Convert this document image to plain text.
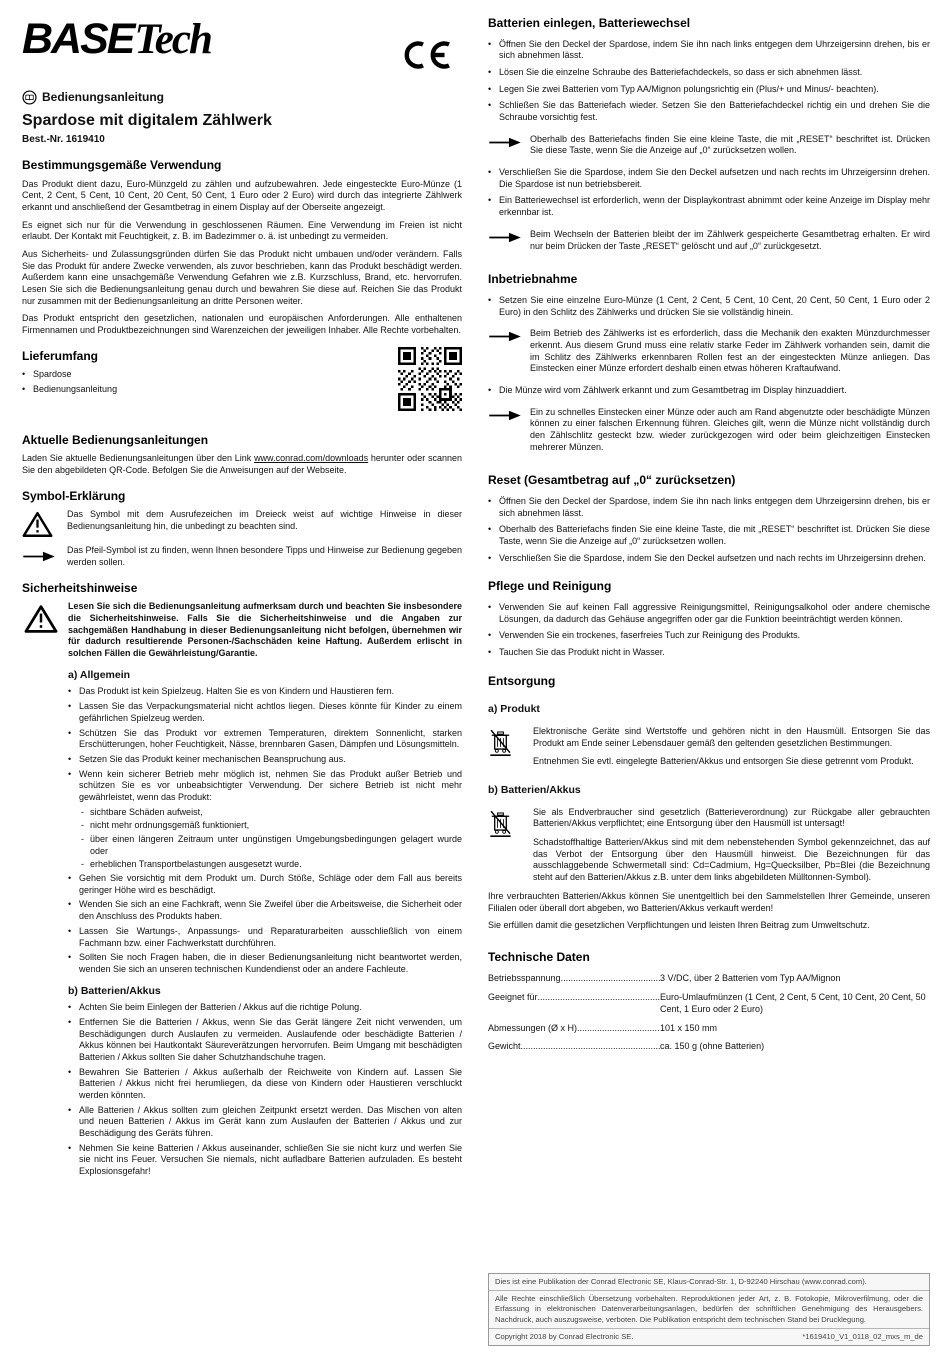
BASETech
Bedienungsanleitung
Spardose mit digitalem Zählwerk
Best.-Nr. 1619410
Bestimmungsgemäße Verwendung

Das Produkt dient dazu, Euro-Münzgeld zu zählen und aufzubewahren. Jede eingesteckte Euro-Münze (1 Cent, 2 Cent, 5 Cent, 10 Cent, 20 Cent, 50 Cent, 1 Euro oder 2 Euro) wird durch das integrierte Zählwerk erkannt und anschließend der Gesamtbetrag in einem Display auf der Oberseite angezeigt.

Es eignet sich nur für die Verwendung in geschlossenen Räumen. Eine Verwendung im Freien ist nicht erlaubt. Der Kontakt mit Feuchtigkeit, z. B. im Badezimmer o. ä. ist unbedingt zu vermeiden.

Aus Sicherheits- und Zulassungsgründen dürfen Sie das Produkt nicht umbauen und/oder verändern. Falls Sie das Produkt für andere Zwecke verwenden, als zuvor beschrieben, kann das Produkt beschädigt werden. Außerdem kann eine unsachgemäße Verwendung Gefahren wie z.B. Kurzschluss, Brand, etc. hervorrufen. Lesen Sie sich die Bedienungsanleitung genau durch und bewahren Sie diese auf. Reichen Sie das Produkt nur zusammen mit der Bedienungsanleitung an dritte Personen weiter.

Das Produkt entspricht den gesetzlichen, nationalen und europäischen Anforderungen. Alle enthaltenen Firmennamen und Produktbezeichnungen sind Warenzeichen der jeweiligen Inhaber. Alle Rechte vorbehalten.

Lieferumfang
• Spardose
• Bedienungsanleitung
Aktuelle Bedienungsanleitungen

Laden Sie aktuelle Bedienungsanleitungen über den Link www.conrad.com/downloads herunter oder scannen Sie den abgebildeten QR-Code. Befolgen Sie die Anweisungen auf der Webseite.

Symbol-Erklärung
Das Symbol mit dem Ausrufezeichen im Dreieck weist auf wichtige Hinweise in dieser Bedienungsanleitung hin, die unbedingt zu beachten sind.
Das Pfeil-Symbol ist zu finden, wenn Ihnen besondere Tipps und Hinweise zur Bedienung gegeben werden sollen.
Sicherheitshinweise

Lesen Sie sich die Bedienungsanleitung aufmerksam durch und beachten Sie insbesondere die Sicherheitshinweise. Falls Sie die Sicherheitshinweise und die Angaben zur sachgemäßen Handhabung in dieser Bedienungsanleitung nicht befolgen, übernehmen wir für dadurch resultierende Personen-/Sachschäden keine Haftung. Außerdem erlischt in solchen Fällen die Gewährleistung/Garantie.

a) Allgemein
• Das Produkt ist kein Spielzeug. Halten Sie es von Kindern und Haustieren fern.
• Lassen Sie das Verpackungsmaterial nicht achtlos liegen. Dieses könnte für Kinder zu einem gefährlichen Spielzeug werden.
• Schützen Sie das Produkt vor extremen Temperaturen, direktem Sonnenlicht, starken Erschütterungen, hoher Feuchtigkeit, Nässe, brennbaren Gasen, Dämpfen und Lösungsmitteln.
• Setzen Sie das Produkt keiner mechanischen Beanspruchung aus.
• Wenn kein sicherer Betrieb mehr möglich ist, nehmen Sie das Produkt außer Betrieb und schützen Sie es vor unbeabsichtigter Verwendung. Der sichere Betrieb ist nicht mehr gewährleistet, wenn das Produkt:
- sichtbare Schäden aufweist,
- nicht mehr ordnungsgemäß funktioniert,
- über einen längeren Zeitraum unter ungünstigen Umgebungsbedingungen gelagert wurde oder
- erheblichen Transportbelastungen ausgesetzt wurde.
• Gehen Sie vorsichtig mit dem Produkt um. Durch Stöße, Schläge oder dem Fall aus bereits geringer Höhe wird es beschädigt.
• Wenden Sie sich an eine Fachkraft, wenn Sie Zweifel über die Arbeitsweise, die Sicherheit oder den Anschluss des Produkts haben.
• Lassen Sie Wartungs-, Anpassungs- und Reparaturarbeiten ausschließlich von einem Fachmann bzw. einer Fachwerkstatt durchführen.
• Sollten Sie noch Fragen haben, die in dieser Bedienungsanleitung nicht beantwortet werden, wenden Sie sich an unseren technischen Kundendienst oder an andere Fachleute.
b) Batterien/Akkus
• Achten Sie beim Einlegen der Batterien / Akkus auf die richtige Polung.
• Entfernen Sie die Batterien / Akkus, wenn Sie das Gerät längere Zeit nicht verwenden, um Beschädigungen durch Auslaufen zu vermeiden. Auslaufende oder beschädigte Batterien / Akkus können bei Hautkontakt Säureverätzungen hervorrufen. Beim Umgang mit beschädigten Batterien / Akkus sollten Sie daher Schutzhandschuhe tragen.
• Bewahren Sie Batterien / Akkus außerhalb der Reichweite von Kindern auf. Lassen Sie Batterien / Akkus nicht frei herumliegen, da diese von Kindern oder Haustieren verschluckt werden könnten.
• Alle Batterien / Akkus sollten zum gleichen Zeitpunkt ersetzt werden. Das Mischen von alten und neuen Batterien / Akkus im Gerät kann zum Auslaufen der Batterien / Akkus und zur Beschädigung des Geräts führen.
• Nehmen Sie keine Batterien / Akkus auseinander, schließen Sie sie nicht kurz und werfen Sie sie nicht ins Feuer. Versuchen Sie niemals, nicht aufladbare Batterien aufzuladen. Es besteht Explosionsgefahr!
Batterien einlegen, Batteriewechsel
• Öffnen Sie den Deckel der Spardose, indem Sie ihn nach links entgegen dem Uhrzeigersinn drehen, bis er sich abnehmen lässt.
• Lösen Sie die einzelne Schraube des Batteriefachdeckels, so dass er sich abnehmen lässt.
• Legen Sie zwei Batterien vom Typ AA/Mignon polungsrichtig ein (Plus/+ und Minus/- beachten).
• Schließen Sie das Batteriefach wieder. Setzen Sie den Batteriefachdeckel richtig ein und drehen Sie die Schraube vorsichtig fest.
Oberhalb des Batteriefachs finden Sie eine kleine Taste, die mit „RESET“ beschriftet ist. Drücken Sie diese Taste, wenn Sie die Anzeige auf „0“ zurücksetzen wollen.
• Verschließen Sie die Spardose, indem Sie den Deckel aufsetzen und nach rechts im Uhrzeigersinn drehen. Die Spardose ist nun betriebsbereit.
• Ein Batteriewechsel ist erforderlich, wenn der Displaykontrast abnimmt oder keine Anzeige im Display mehr erkennbar ist.
Beim Wechseln der Batterien bleibt der im Zählwerk gespeicherte Gesamtbetrag erhalten. Er wird nur beim Drücken der Taste „RESET“ gelöscht und auf „0“ zurückgesetzt.
Inbetriebnahme
• Setzen Sie eine einzelne Euro-Münze (1 Cent, 2 Cent, 5 Cent, 10 Cent, 20 Cent, 50 Cent, 1 Euro oder 2 Euro) in den Schlitz des Zählwerks und drücken Sie sie vollständig hinein.
Beim Betrieb des Zählwerks ist es erforderlich, dass die Mechanik den exakten Münzdurchmesser erkennt. Aus diesem Grund muss eine relativ starke Feder im Zählwerk vorhanden sein, damit die im Schlitz des Zählwerks erkennbaren Rollen fest an der eingesteckten Münze anliegen. Das Einstecken einer Münze erfordert deshalb einen etwas höheren Kraftaufwand.
• Die Münze wird vom Zählwerk erkannt und zum Gesamtbetrag im Display hinzuaddiert.
Ein zu schnelles Einstecken einer Münze oder auch am Rand abgenutzte oder beschädigte Münzen können zu einer falschen Erkennung führen. Gleiches gilt, wenn die Münze nicht vollständig durch den Zählschlitz gesteckt bzw. wieder zurückgezogen wird oder beim gleichzeitigen Einstecken mehrerer Münzen.
Reset (Gesamtbetrag auf „0“ zurücksetzen)
• Öffnen Sie den Deckel der Spardose, indem Sie ihn nach links entgegen dem Uhrzeigersinn drehen, bis er sich abnehmen lässt.
• Oberhalb des Batteriefachs finden Sie eine kleine Taste, die mit „RESET“ beschriftet ist. Drücken Sie diese Taste, wenn Sie die Anzeige auf „0“ zurücksetzen wollen.
• Verschließen Sie die Spardose, indem Sie den Deckel aufsetzen und nach rechts im Uhrzeigersinn drehen.
Pflege und Reinigung
• Verwenden Sie auf keinen Fall aggressive Reinigungsmittel, Reinigungsalkohol oder andere chemische Lösungen, da dadurch das Gehäuse angegriffen oder gar die Funktion beeinträchtigt werden können.
• Verwenden Sie ein trockenes, faserfreies Tuch zur Reinigung des Produkts.
• Tauchen Sie das Produkt nicht in Wasser.
Entsorgung
a) Produkt

Elektronische Geräte sind Wertstoffe und gehören nicht in den Hausmüll. Entsorgen Sie das Produkt am Ende seiner Lebensdauer gemäß den geltenden gesetzlichen Bestimmungen.

Entnehmen Sie evtl. eingelegte Batterien/Akkus und entsorgen Sie diese getrennt vom Produkt.

b) Batterien/Akkus

Sie als Endverbraucher sind gesetzlich (Batterieverordnung) zur Rückgabe aller gebrauchten Batterien/Akkus verpflichtet; eine Entsorgung über den Hausmüll ist untersagt!

Schadstoffhaltige Batterien/Akkus sind mit dem nebenstehenden Symbol gekennzeichnet, das auf das Verbot der Entsorgung über den Hausmüll hinweist. Die Bezeichnungen für das ausschlaggebende Schwermetall sind: Cd=Cadmium, Hg=Quecksilber, Pb=Blei (die Bezeichnung steht auf den Batterien/Akkus z.B. unter dem links abgebildeten Mülltonnen-Symbol).

Ihre verbrauchten Batterien/Akkus können Sie unentgeltlich bei den Sammelstellen Ihrer Gemeinde, unseren Filialen oder überall dort abgeben, wo Batterien/Akkus verkauft werden!

Sie erfüllen damit die gesetzlichen Verpflichtungen und leisten Ihren Beitrag zum Umweltschutz.

Technische Daten
Betriebsspannung .....	3 V/DC, über 2 Batterien vom Typ AA/Mignon
Geeignet für .....	Euro-Umlaufmünzen (1 Cent, 2 Cent, 5 Cent, 10 Cent, 20 Cent, 50 Cent, 1 Euro oder 2 Euro)
Abmessungen (Ø x H) .....	101 x 150 mm
Gewicht .....	ca. 150 g (ohne Batterien)
Dies ist eine Publikation der Conrad Electronic SE, Klaus-Conrad-Str. 1, D-92240 Hirschau (www.conrad.com).
Alle Rechte einschließlich Übersetzung vorbehalten. Reproduktionen jeder Art, z. B. Fotokopie, Mikroverfilmung, oder die Erfassung in elektronischen Datenverarbeitungsanlagen, bedürfen der schriftlichen Genehmigung des Herausgebers. Nachdruck, auch auszugsweise, verboten. Die Publikation entspricht dem technischen Stand bei Drucklegung.
Copyright 2018 by Conrad Electronic SE.	*1619410_V1_0118_02_mxs_m_de
